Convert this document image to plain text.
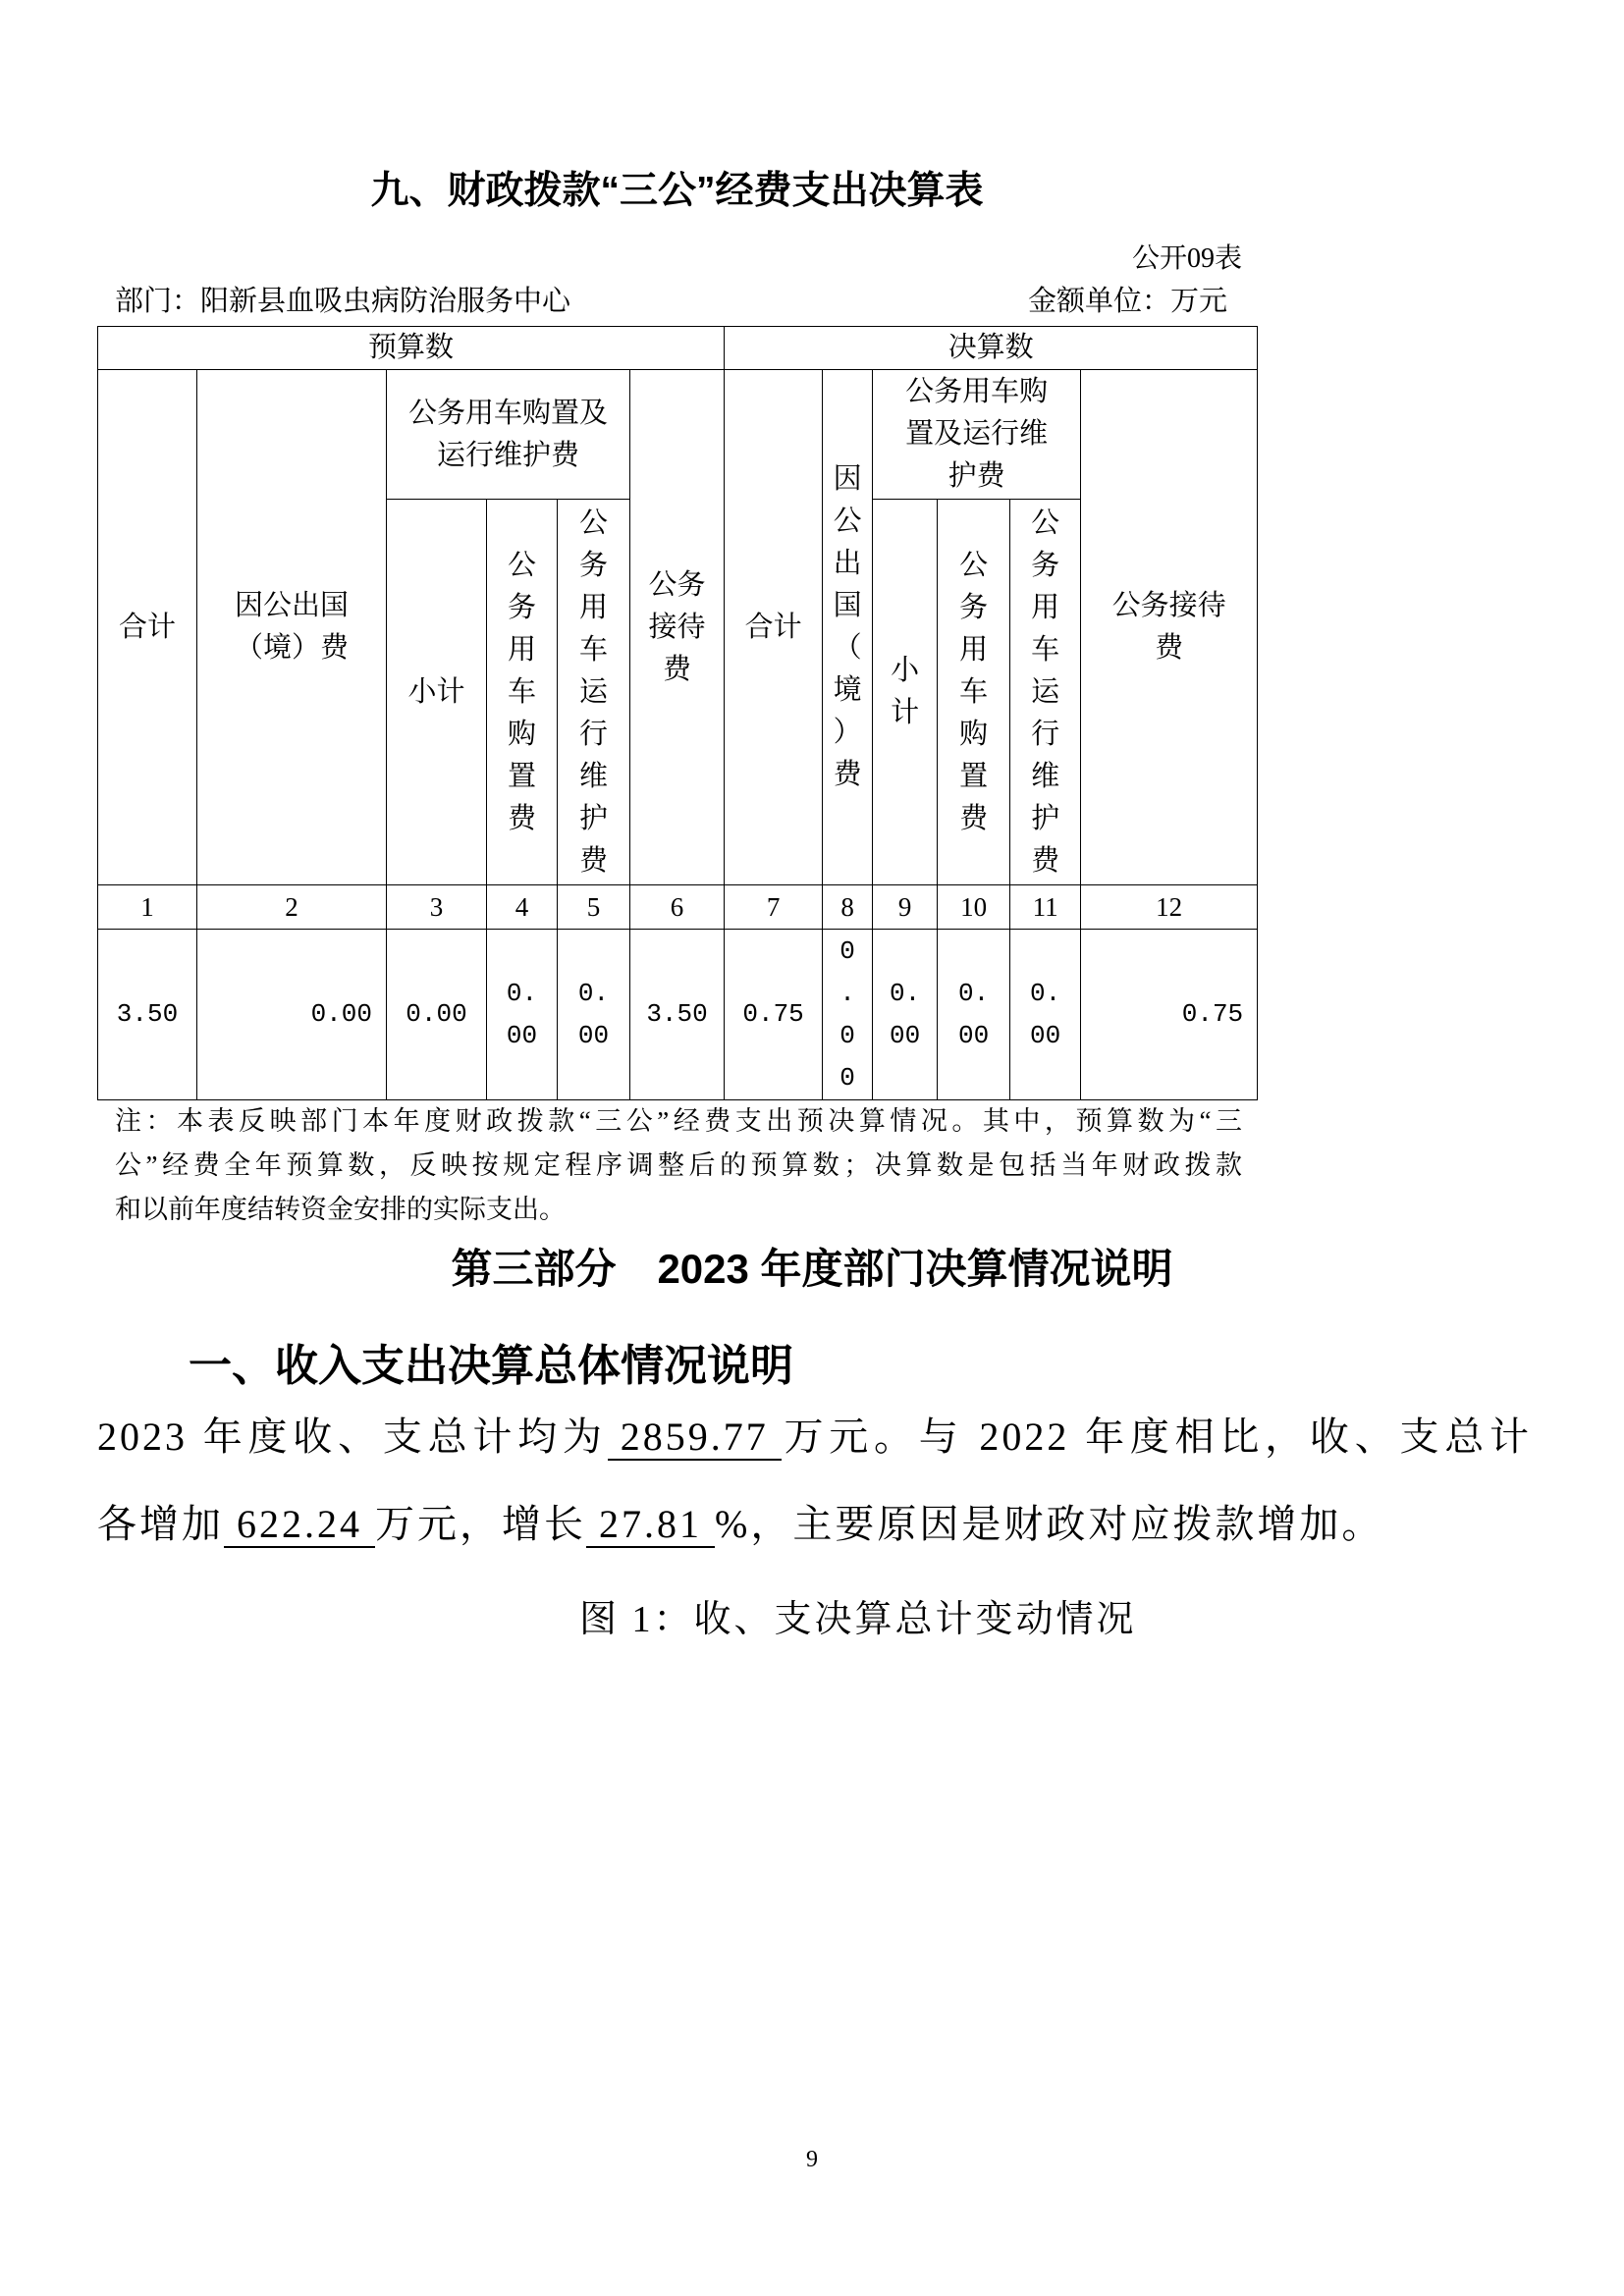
九、财政拨款“三公”经费支出决算表
公开09表
部门：阳新县血吸虫病防治服务中心	金额单位：万元
预算数						决算数					
合计	因公出国（境）费	公务用车购置及运行维护费			公务接待费	合计	因公出国（境）费	公务用车购置及运行维护费			公务接待费

		小计	公务用车购置费	公务用车运行维护费				小计	公务用车购置费	公务用车运行维护费	

1	2	3	4	5	6	7	8	9	10	11	12
3.50	0.00	0.00	0.00	0.00	3.50	0.75	0.00	0.00	0.00	0.00	0.75
注：本表反映部门本年度财政拨款“三公”经费支出预决算情况。其中，预算数为“三
公”经费全年预算数，反映按规定程序调整后的预算数；决算数是包括当年财政拨款
和以前年度结转资金安排的实际支出。
第三部分　2023 年度部门决算情况说明
一、收入支出决算总体情况说明
2023 年度收、支总计均为 2859.77 万元。与 2022 年度相比，收、支总计
各增加 622.24 万元，增长 27.81 %，主要原因是财政对应拨款增加。
图 1：收、支决算总计变动情况
9
